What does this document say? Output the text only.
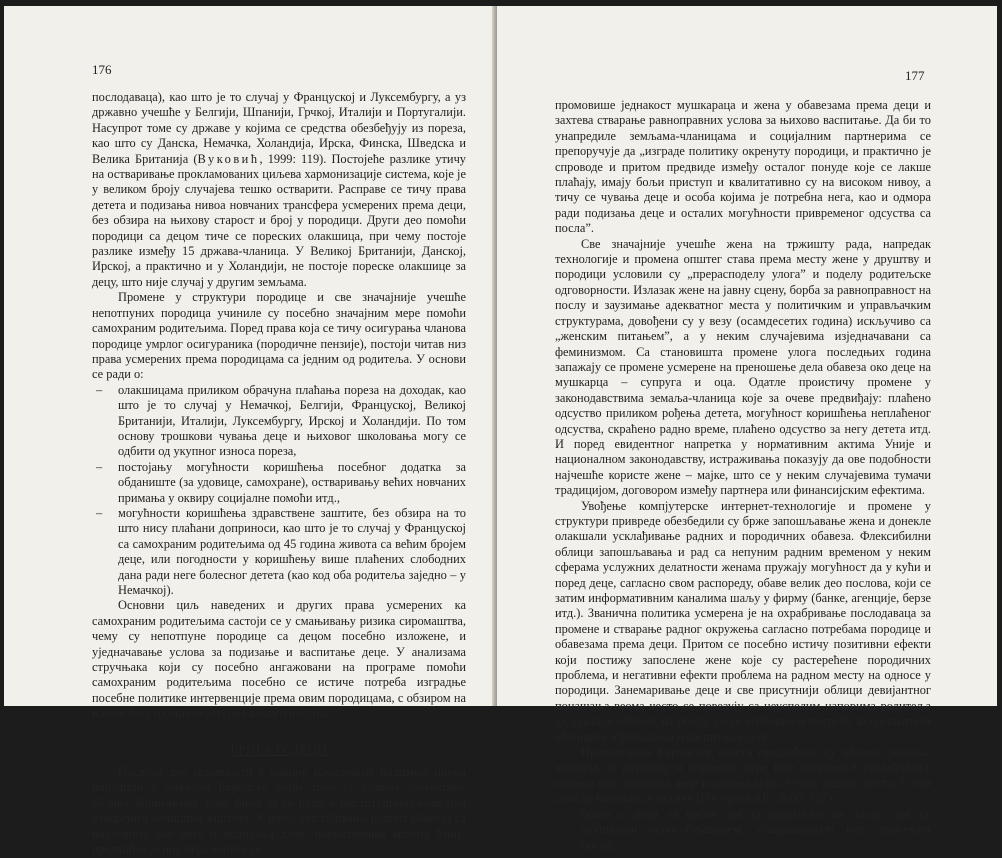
176

послодаваца), као што је то случај у Француској и Луксембургу, а уз државно учешће у Белгији, Шпанији, Грчкој, Италији и Португалији. Насупрот томе су државе у којима се средства обезбеђују из пореза, као што су Данска, Немачка, Холандија, Ирска, Финска, Шведска и Велика Британија (Вуковић, 1999: 119). Постојеће разлике утичу на остваривање прокламованих циљева хармонизације система, које је у великом броју случајева тешко остварити. Расправе се тичу права детета и подизања нивоа новчаних трансфера усмерених према деци, без обзира на њихову старост и број у породици. Други део помоћи породици са децом тиче се пореских олакшица, при чему постоје разлике између 15 држава-чланица. У Великој Британији, Данској, Ирској, а практично и у Холандији, не постоје пореске олакшице за децу, што није случај у другим земљама.

Промене у структури породице и све значајније учешће непотпуних породица учиниле су посебно значајним мере помоћи самохраним родитељима. Поред права која се тичу осигурања чланова породице умрлог осигураника (породичне пензије), постоји читав низ права усмерених према породицама са једним од родитеља. У основи се ради о:

– олакшицама приликом обрачуна плаћања пореза на доходак, као што је то случај у Немачкој, Белгији, Француској, Великој Британији, Италији, Луксембургу, Ирској и Холандији. По том основу трошкови чувања деце и њиховог школовања могу се одбити од укупног износа пореза,
– постојању могућности коришћења посебног додатка за обданиште (за удовице, самохране), остваривању већих новчаних примања у оквиру социјалне помоћи итд.,
– могућности коришћења здравствене заштите, без обзира на то што нису плаћани доприноси, као што је то случај у Француској са самохраним родитељима од 45 година живота са већим бројем деце, или погодности у коришћењу више плаћених слободних дана ради неге болесног детета (као код оба родитеља заједно – у Немачкој).

Основни циљ наведених и других права усмерених ка самохраним родитељима састоји се у смањивању ризика сиромаштва, чему су непотпуне породице са децом посебно изложене, и уједначавање услова за подизање и васпитање деце. У анализама стручњака који су посебно ангажовани на програме помоћи самохраним родитељима посебно се истиче потреба изградње посебне политике интервенције према овим породицама, с обзиром на њихов број и социо-културне карактеристике.

БРИГА О ДЕЦИ

Посебан део активности у оквиру комплексне политике према породици у земљама Европске уније тиче се развоја адекватних облика збрињавања деце, било да се ради о институционалним или отвореним облицима заштите. У циљу усклађивања радних обавеза са пословима око неге и подизања деце, нормативним актима Уније предвиђен је низ мера којима се

177

промовише једнакост мушкараца и жена у обавезама према деци и захтева стварање равноправних услова за њихово васпитање. Да би то унапредиле земљама-чланицама и социјалним партнерима се препоручује да „изграде политику окренуту породици, и практично је спроводе и притом предвиде између осталог понуде које се лакше плаћају, имају бољи приступ и квалитативно су на високом нивоу, а тичу се чувања деце и особа којима је потребна нега, као и одмора ради подизања деце и осталих могућности привременог одсуства са посла”.

Све значајније учешће жена на тржишту рада, напредак технологије и промена општег става према месту жене у друштву и породици условили су „прерасподелу улога” и поделу родитељске одговорности. Излазак жене на јавну сцену, борба за равноправност на послу и заузимање адекватног места у политичким и управљачким структурама, довођени су у везу (осамдесетих година) искључиво са „женским питањем”, а у неким случајевима изједначавани са феминизмом. Са становишта промене улога последњих година запажају се промене усмерене на преношење дела обавеза око деце на мушкарца – супруга и оца. Одатле проистичу промене у законодавствима земаља-чланица које за очеве предвиђају: плаћено одсуство приликом рођења детета, могућност коришћења неплаћеног одсуства, скраћено радно време, плаћено одсуство за негу детета итд. И поред евидентног напретка у нормативним актима Уније и националном законодавству, истраживања показују да ове подобности најчешће користе жене – мајке, што се у неким случајевима тумачи традицијом, договором између партнера или финансијским ефектима.

Увођење компјутерске интернет-технологије и промене у структури привреде обезбедили су брже запошљавање жена и донекле олакшали усклађивање радних и породичних обавеза. Флексибилни облици запошљавања и рад са непуним радним временом у неким сферама услужних делатности женама пружају могућност да у кући и поред деце, сагласно свом распореду, обаве велик део послова, који се затим информативним каналима шаљу у фирму (банке, агенције, берзе итд.). Званична политика усмерена је на охрабривање послодаваца за промене и стварање радног окружења сагласно потребама породице и обавезама према деци. Притом се посебно истичу позитивни ефекти који постижу запослене жене које су растерећене породичних проблема, и негативни ефекти проблема на радном месту на односе у породици. Занемаривање деце и све присутнији облици девијантног понашања веома често се повезују са неуспелим напорима родитеља да ускладе обавезе на послу, своје амбиције и потребе за адекватним облицима збрињавања и васпитања деце.

Препорукама Европског савета предвиђене су обавезе земаља-чланица да развијају и спроводе мере које доприносе усклађивању обавеза око подизања деце и захтева који се тичу радног места. У том смислу посебно се истичу (Петровић, 2000: 127):

– брига о деци за време док су родитељи на послу, док су окупирани оспособљавањем, усавршавањем или тражењем посла;
